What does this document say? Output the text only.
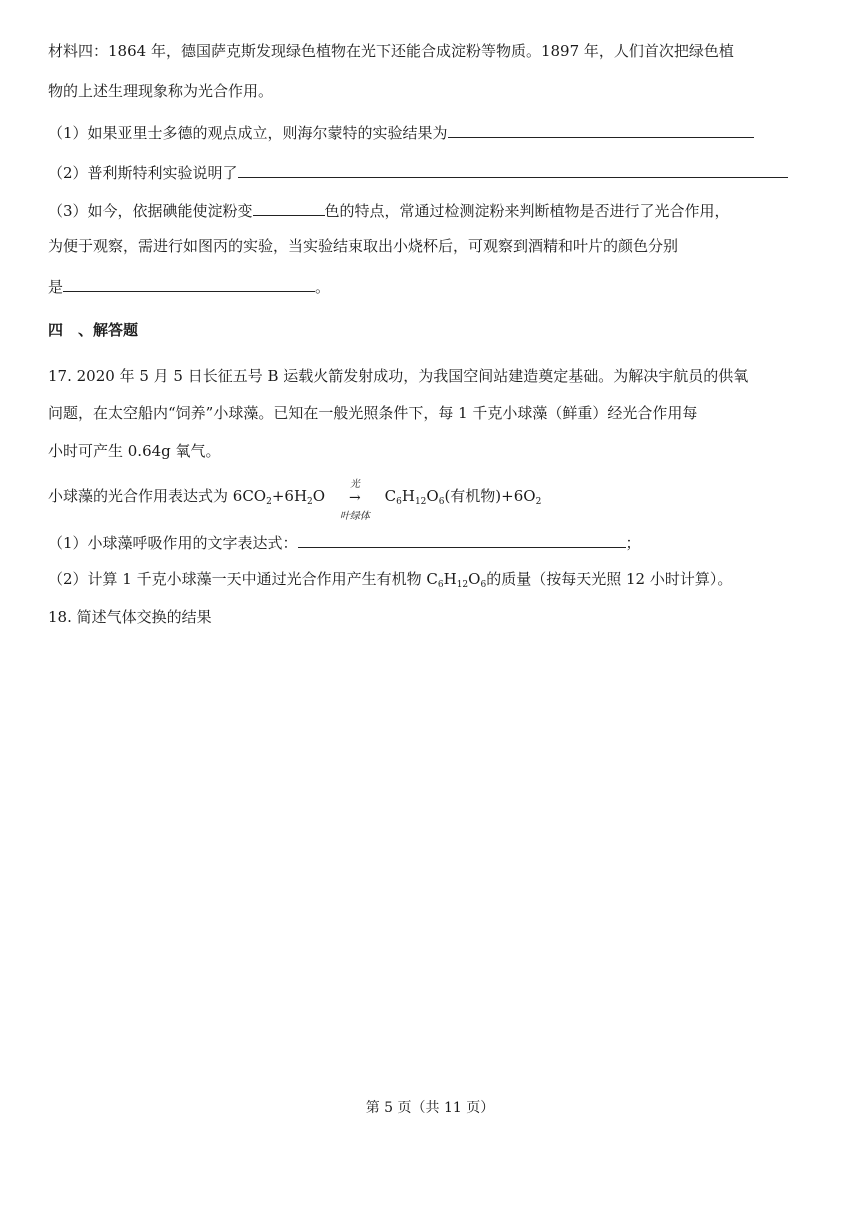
材料四：1864 年，德国萨克斯发现绿色植物在光下还能合成淀粉等物质。1897 年，人们首次把绿色植
物的上述生理现象称为光合作用。
（1）如果亚里士多德的观点成立，则海尔蒙特的实验结果为
（2）普利斯特利实验说明了
（3）如今，依据碘能使淀粉变	色的特点，常通过检测淀粉来判断植物是否进行了光合作用，
为便于观察，需进行如图丙的实验，当实验结束取出小烧杯后，可观察到酒精和叶片的颜色分别
是	。
四　、解答题
17. 2020 年 5 月 5 日长征五号 B 运载火箭发射成功，为我国空间站建造奠定基础。为解决宇航员的供氧
问题，在太空船内“饲养”小球藻。已知在一般光照条件下，每 1 千克小球藻（鲜重）经光合作用每
小时可产生 0.64g 氧气。
小球藻的光合作用表达式为 $6CO_2+6H_2O$
光
→
叶绿体
$C_6H_{12}O_6$(有机物)$+6O_2$
（1）小球藻呼吸作用的文字表达式：	；
（2）计算 1 千克小球藻一天中通过光合作用产生有机物 $C_6H_{12}O_6$的质量（按每天光照 12 小时计算）。
18. 简述气体交换的结果
第 5 页（共 11 页）
